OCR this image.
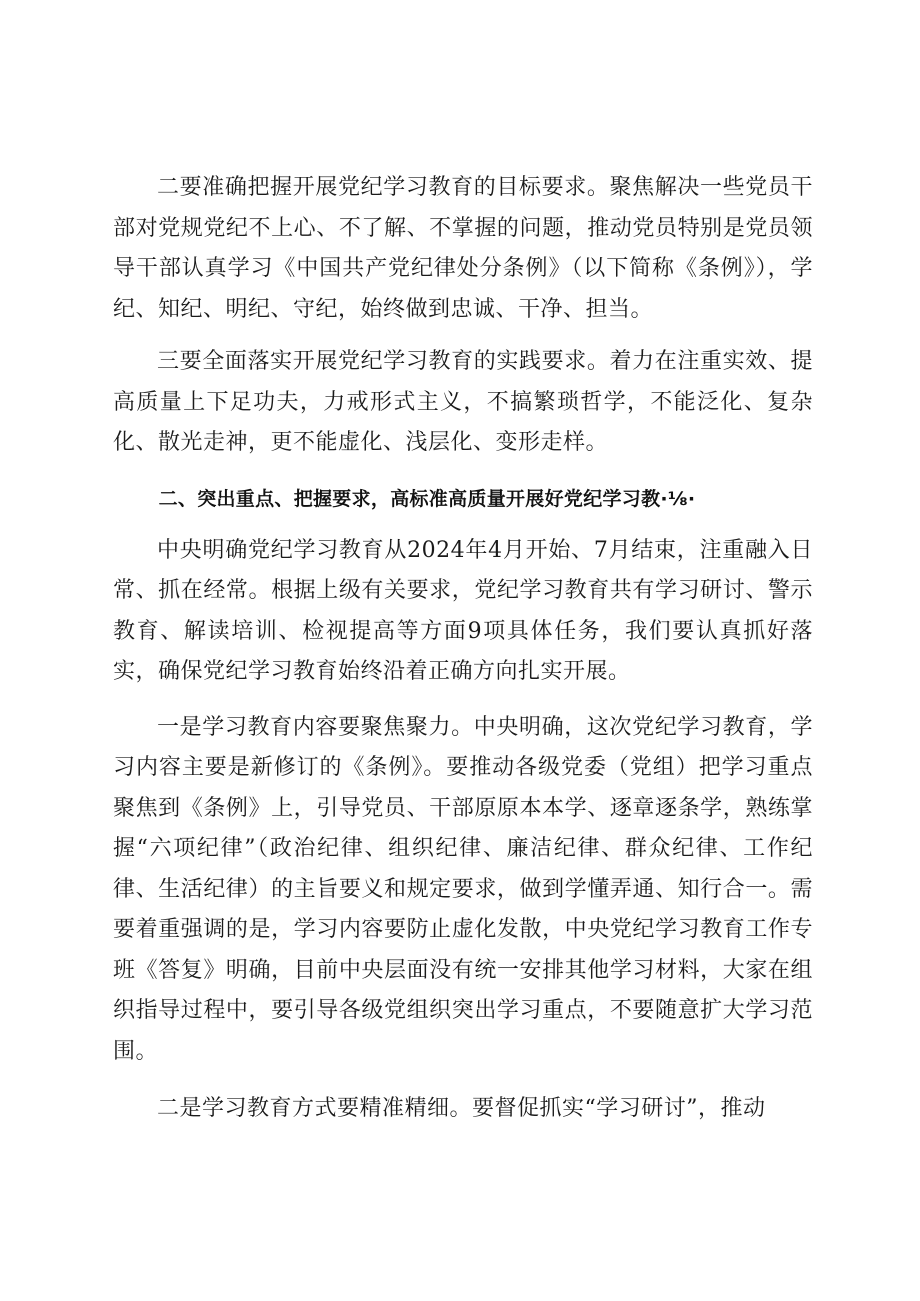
二要准确把握开展党纪学习教育的目标要求。聚焦解决一些党员干部对党规党纪不上心、不了解、不掌握的问题，推动党员特别是党员领导干部认真学习《中国共产党纪律处分条例》（以下简称《条例》），学纪、知纪、明纪、守纪，始终做到忠诚、干净、担当。

三要全面落实开展党纪学习教育的实践要求。着力在注重实效、提高质量上下足功夫，力戒形式主义，不搞繁琐哲学，不能泛化、复杂化、散光走神，更不能虚化、浅层化、变形走样。

二、突出重点、把握要求，高标准高质量开展好党纪学习教·⅛·

中央明确党纪学习教育从2024年4月开始、7月结束，注重融入日常、抓在经常。根据上级有关要求，党纪学习教育共有学习研讨、警示教育、解读培训、检视提高等方面9项具体任务，我们要认真抓好落实，确保党纪学习教育始终沿着正确方向扎实开展。

一是学习教育内容要聚焦聚力。中央明确，这次党纪学习教育，学习内容主要是新修订的《条例》。要推动各级党委（党组）把学习重点聚焦到《条例》上，引导党员、干部原原本本学、逐章逐条学，熟练掌握“六项纪律”（政治纪律、组织纪律、廉洁纪律、群众纪律、工作纪律、生活纪律）的主旨要义和规定要求，做到学懂弄通、知行合一。需要着重强调的是，学习内容要防止虚化发散，中央党纪学习教育工作专班《答复》明确，目前中央层面没有统一安排其他学习材料，大家在组织指导过程中，要引导各级党组织突出学习重点，不要随意扩大学习范围。

二是学习教育方式要精准精细。要督促抓实“学习研讨”，推动
